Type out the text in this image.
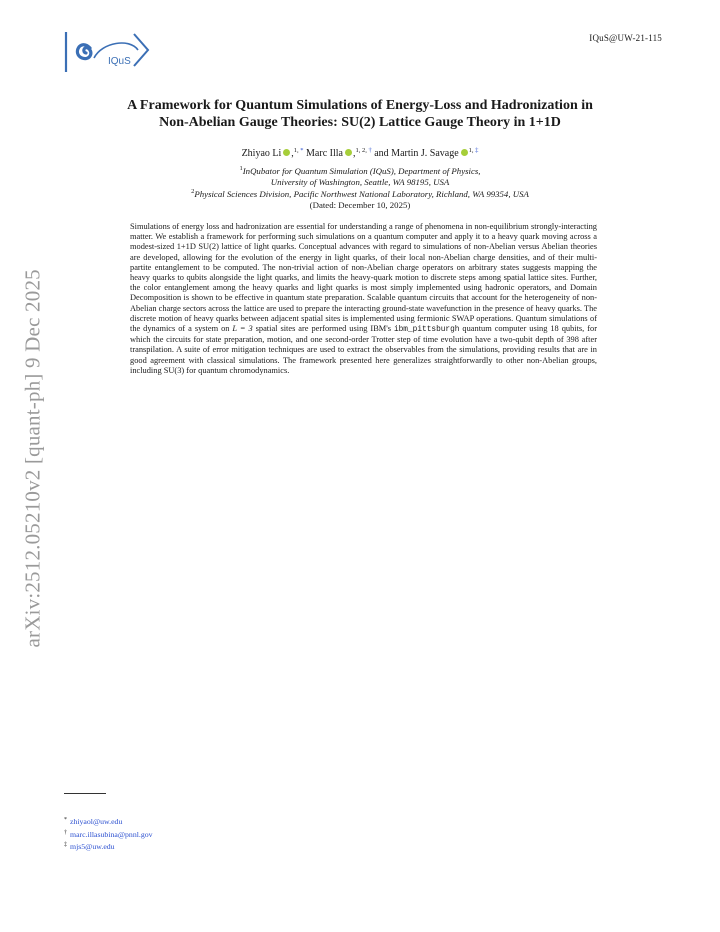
IQuS
IQuS@UW-21-115
arXiv:2512.05210v2 [quant-ph] 9 Dec 2025
A Framework for Quantum Simulations of Energy-Loss and Hadronization in
Non-Abelian Gauge Theories: SU(2) Lattice Gauge Theory in 1+1D
Zhiyao Li ,$^{1,}$ * Marc Illa ,$^{1, 2,}$ † and Martin J. Savage $^{1,}$ ‡
$^1$InQubator for Quantum Simulation (IQuS), Department of Physics,
University of Washington, Seattle, WA 98195, USA
$^2$Physical Sciences Division, Pacific Northwest National Laboratory, Richland, WA 99354, USA
(Dated: December 10, 2025)
Simulations of energy loss and hadronization are essential for understanding a range of phenomena in non-equilibrium strongly-interacting matter. We establish a framework for performing such simulations on a quantum computer and apply it to a heavy quark moving across a modest-sized 1+1D SU(2) lattice of light quarks. Conceptual advances with regard to simulations of non-Abelian versus Abelian theories are developed, allowing for the evolution of the energy in light quarks, of their local non-Abelian charge densities, and of their multi-partite entanglement to be computed. The non-trivial action of non-Abelian charge operators on arbitrary states suggests mapping the heavy quarks to qubits alongside the light quarks, and limits the heavy-quark motion to discrete steps among spatial lattice sites. Further, the color entanglement among the heavy quarks and light quarks is most simply implemented using hadronic operators, and Domain Decomposition is shown to be effective in quantum state preparation. Scalable quantum circuits that account for the heterogeneity of non-Abelian charge sectors across the lattice are used to prepare the interacting ground-state wavefunction in the presence of heavy quarks. The discrete motion of heavy quarks between adjacent spatial sites is implemented using fermionic SWAP operations. Quantum simulations of the dynamics of a system on L = 3 spatial sites are performed using IBM's ibm_pittsburgh quantum computer using 18 qubits, for which the circuits for state preparation, motion, and one second-order Trotter step of time evolution have a two-qubit depth of 398 after transpilation. A suite of error mitigation techniques are used to extract the observables from the simulations, providing results that are in good agreement with classical simulations. The framework presented here generalizes straightforwardly to other non-Abelian groups, including SU(3) for quantum chromodynamics.
* zhiyaol@uw.edu
† marc.illasubina@pnnl.gov
‡ mjs5@uw.edu
